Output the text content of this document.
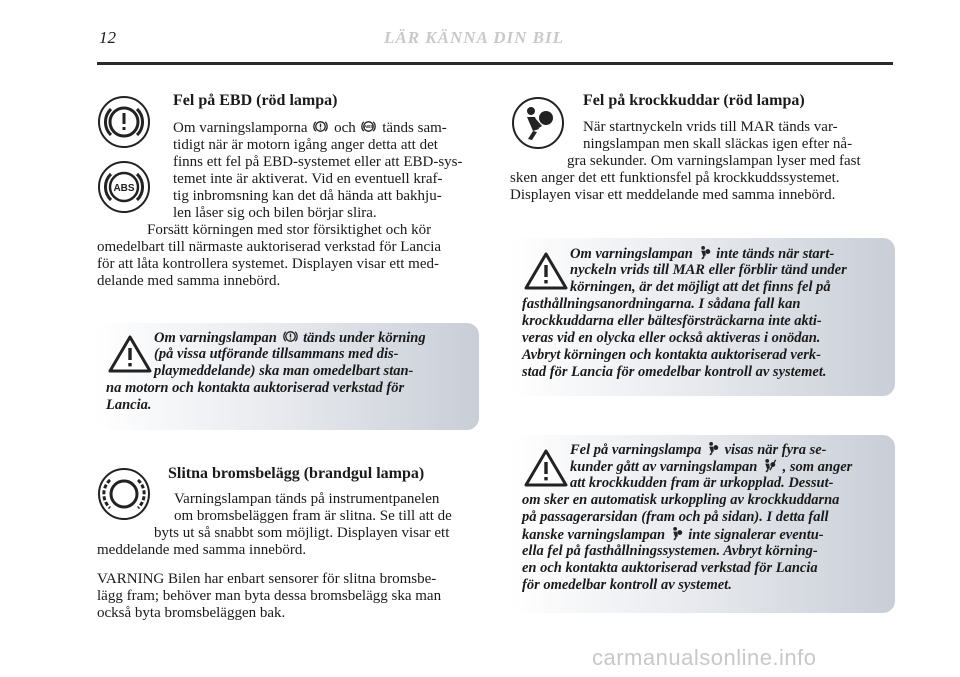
12	LÄR KÄNNA DIN BIL
ABS
Fel på EBD (röd lampa)
Om varningslamporna och ABS tänds sam-
tidigt när är motorn igång anger detta att det
finns ett fel på EBD-systemet eller att EBD-sys-
temet inte är aktiverat. Vid en eventuell kraf-
tig inbromsning kan det då hända att bakhju-
len låser sig och bilen börjar slira.
Forsätt körningen med stor försiktighet och kör
omedelbart till närmaste auktoriserad verkstad för Lancia
för att låta kontrollera systemet. Displayen visar ett med-
delande med samma innebörd.
Om varningslampan tänds under körning
(på vissa utförande tillsammans med dis-
playmeddelande) ska man omedelbart stan-
na motorn och kontakta auktoriserad verkstad för
Lancia.
Slitna bromsbelägg (brandgul lampa)
Varningslampan tänds på instrumentpanelen
om bromsbeläggen fram är slitna. Se till att de
byts ut så snabbt som möjligt. Displayen visar ett
meddelande med samma innebörd.
VARNING Bilen har enbart sensorer för slitna bromsbe-
lägg fram; behöver man byta dessa bromsbelägg ska man
också byta bromsbeläggen bak.
Fel på krockkuddar (röd lampa)
När startnyckeln vrids till MAR tänds var-
ningslampan men skall släckas igen efter nå-
gra sekunder. Om varningslampan lyser med fast
sken anger det ett funktionsfel på krockkuddssystemet.
Displayen visar ett meddelande med samma innebörd.
Om varningslampan inte tänds när start-
nyckeln vrids till MAR eller förblir tänd under
körningen, är det möjligt att det finns fel på
fasthållningsanordningarna. I sådana fall kan
krockkuddarna eller bältesförsträckarna inte akti-
veras vid en olycka eller också aktiveras i onödan.
Avbryt körningen och kontakta auktoriserad verk-
stad för Lancia för omedelbar kontroll av systemet.
Fel på varningslampa visas när fyra se-
kunder gått av varningslampan , som anger
att krockkudden fram är urkopplad. Dessut-
om sker en automatisk urkoppling av krockkuddarna
på passagerarsidan (fram och på sidan). I detta fall
kanske varningslampan inte signalerar eventu-
ella fel på fasthållningssystemen. Avbryt körning-
en och kontakta auktoriserad verkstad för Lancia
för omedelbar kontroll av systemet.
carmanualsonline.info
